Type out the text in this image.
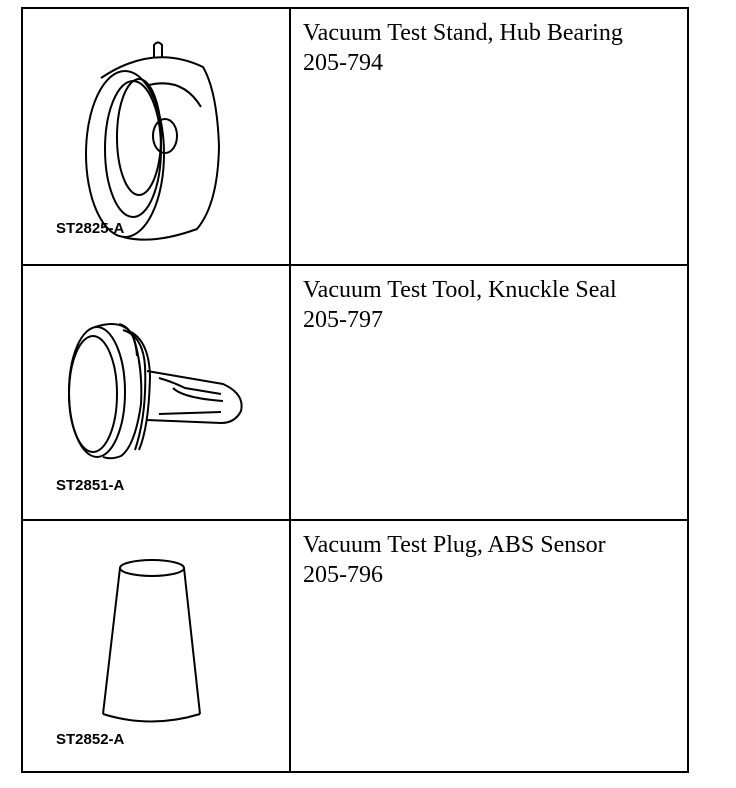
ST2825-A
Vacuum Test Stand, Hub Bearing
205-794
ST2851-A
Vacuum Test Tool, Knuckle Seal
205-797
ST2852-A
Vacuum Test Plug, ABS Sensor
205-796
